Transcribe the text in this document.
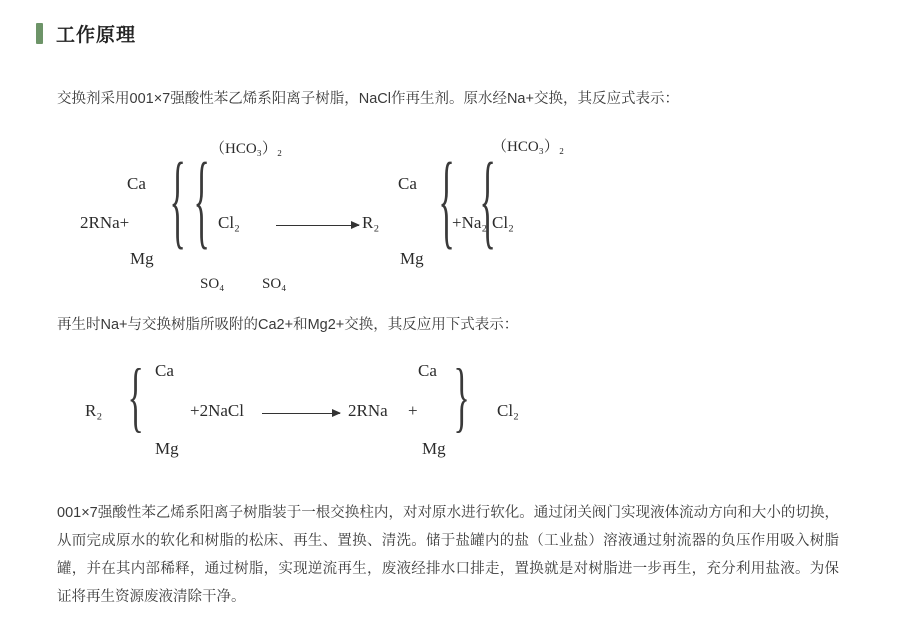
工作原理

交换剂采用001×7强酸性苯乙烯系阳离子树脂，NaCl作再生剂。原水经Na+交换，其反应式表示：

（HCO₃）₂	（HCO₃）₂
Ca
2RNa+
Mg { { Cl₂
SO₄
R₂
Ca
Mg }
+Na₂
{
Cl₂
SO₄

再生时Na+与交换树脂所吸附的Ca2+和Mg2+交换，其反应用下式表示：

Ca
R₂
Mg
{	+2NaCl	2RNa +
Ca
Mg
{ Cl₂

001×7强酸性苯乙烯系阳离子树脂装于一根交换柱内，对对原水进行软化。通过闭关阀门实现液体流动方向和大小的切换，从而完成原水的软化和树脂的松床、再生、置换、清洗。储于盐罐内的盐（工业盐）溶液通过射流器的负压作用吸入树脂罐，并在其内部稀释，通过树脂，实现逆流再生，废液经排水口排走，置换就是对树脂进一步再生，充分利用盐液。为保证将再生资源废液清除干净。
